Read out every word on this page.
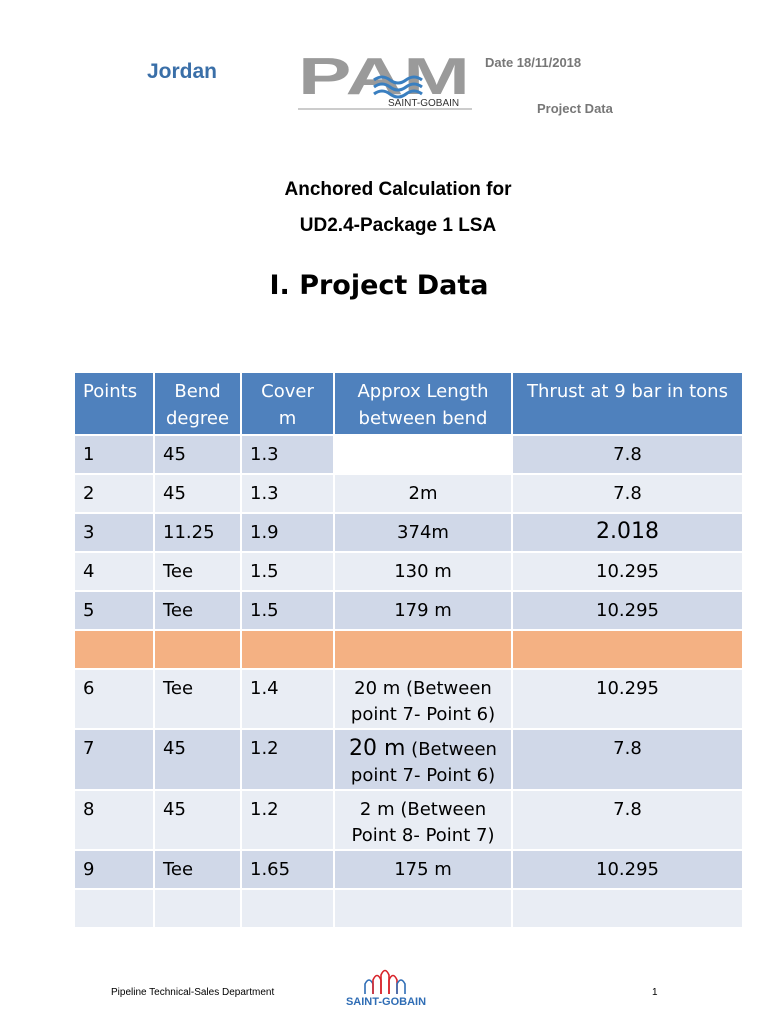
Jordan PAM
SAINT-GOBAIN
Date 18/11/2018
Project Data
Anchored Calculation for
UD2.4-Package 1 LSA
I. Project Data
Points	Bend degree	Cover m	Approx Length between bend	Thrust at 9 bar in tons
1	45	1.3		7.8
2	45	1.3	2m	7.8
3	11.25	1.9	374m	2.018
4	Tee	1.5	130 m	10.295
5	Tee	1.5	179 m	10.295

6	Tee	1.4	20 m (Between point 7- Point 6)	10.295
7	45	1.2	20 m (Between point 7- Point 6)	7.8
8	45	1.2	2 m (Between Point 8- Point 7)	7.8
9	Tee	1.65	175 m	10.295

Pipeline Technical-Sales Department
SAINT-GOBAIN
1
